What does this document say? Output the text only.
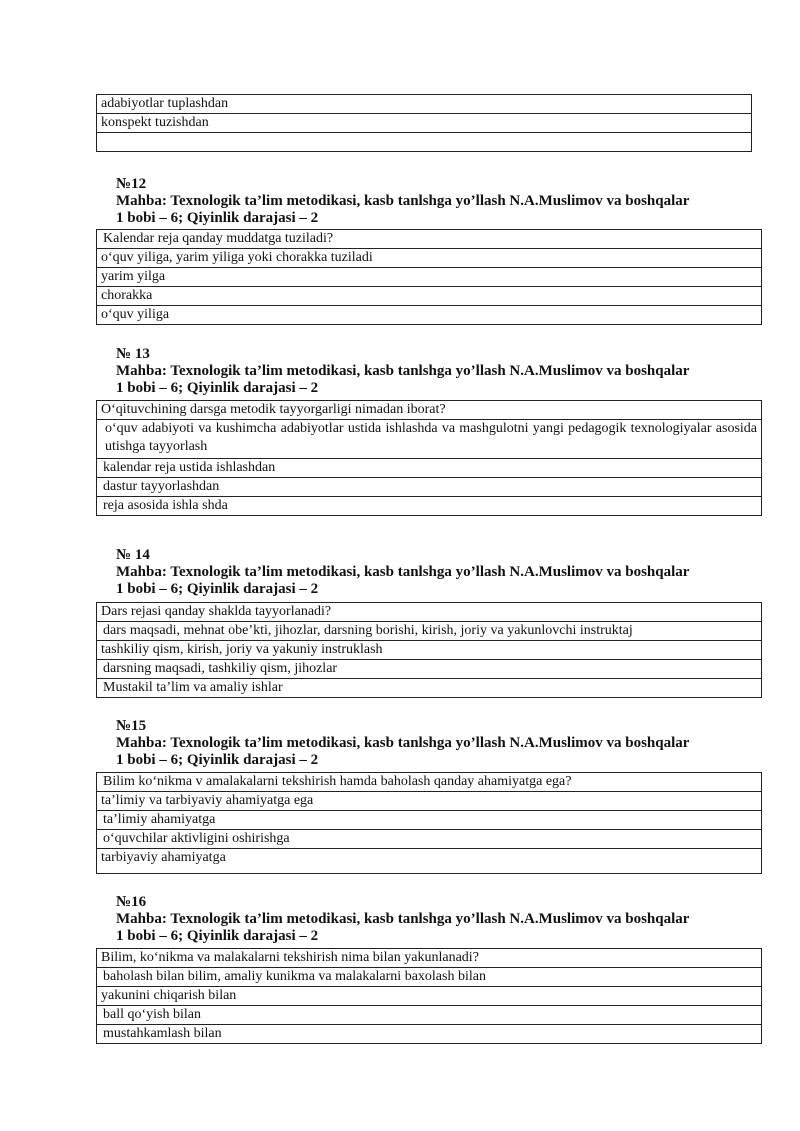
adabiyotlar tuplashdan
konspekt tuzishdan

№12
Mahba: Texnologik ta’lim metodikasi, kasb tanlshga yo’llash N.A.Muslimov va boshqalar
1 bobi – 6; Qiyinlik darajasi – 2
Kalendar reja qanday muddatga tuziladi?
o‘quv yiliga, yarim yiliga yoki chorakka tuziladi
yarim yilga
chorakka
o‘quv yiliga
№ 13
Mahba: Texnologik ta’lim metodikasi, kasb tanlshga yo’llash N.A.Muslimov va boshqalar
1 bobi – 6; Qiyinlik darajasi – 2
O‘qituvchining darsga metodik tayyorgarligi nimadan iborat?
o‘quv adabiyoti va kushimcha adabiyotlar ustida ishlashda va mashgulotni yangi pedagogik texnologiyalar asosida utishga tayyorlash
kalendar reja ustida ishlashdan
dastur tayyorlashdan
reja asosida ishla shda
№ 14
Mahba: Texnologik ta’lim metodikasi, kasb tanlshga yo’llash N.A.Muslimov va boshqalar
1 bobi – 6; Qiyinlik darajasi – 2
Dars rejasi qanday shaklda tayyorlanadi?
dars maqsadi, mehnat obe’kti, jihozlar, darsning borishi, kirish, joriy va yakunlovchi instruktaj
tashkiliy qism, kirish, joriy va yakuniy instruklash
darsning maqsadi, tashkiliy qism, jihozlar
Mustakil ta’lim va amaliy ishlar
№15
Mahba: Texnologik ta’lim metodikasi, kasb tanlshga yo’llash N.A.Muslimov va boshqalar
1 bobi – 6; Qiyinlik darajasi – 2
Bilim ko‘nikma v amalakalarni tekshirish hamda baholash qanday ahamiyatga ega?
ta’limiy va tarbiyaviy ahamiyatga ega
ta’limiy ahamiyatga
o‘quvchilar aktivligini oshirishga
tarbiyaviy ahamiyatga
№16
Mahba: Texnologik ta’lim metodikasi, kasb tanlshga yo’llash N.A.Muslimov va boshqalar
1 bobi – 6; Qiyinlik darajasi – 2
Bilim, ko‘nikma va malakalarni tekshirish nima bilan yakunlanadi?
baholash bilan bilim, amaliy kunikma va malakalarni baxolash bilan
yakunini chiqarish bilan
ball qo‘yish bilan
mustahkamlash bilan
